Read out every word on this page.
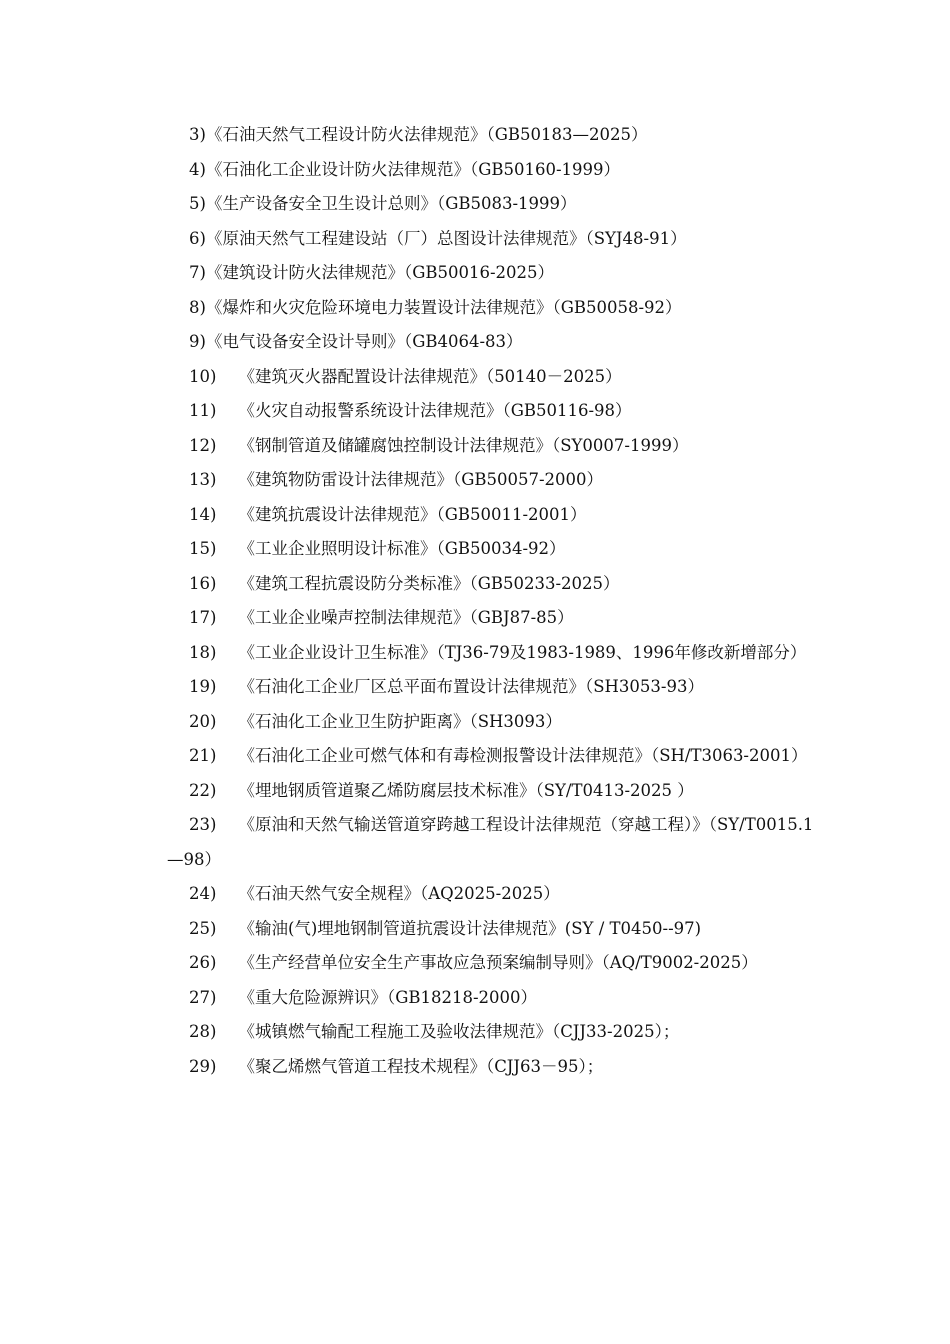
3)《石油天然气工程设计防火法律规范》（GB50183—2025）
4)《石油化工企业设计防火法律规范》（GB50160-1999）
5)《生产设备安全卫生设计总则》（GB5083-1999）
6)《原油天然气工程建设站（厂）总图设计法律规范》（SYJ48-91）
7)《建筑设计防火法律规范》（GB50016-2025）
8)《爆炸和火灾危险环境电力装置设计法律规范》（GB50058-92）
9)《电气设备安全设计导则》（GB4064-83）
10) 《建筑灭火器配置设计法律规范》（50140－2025）
11) 《火灾自动报警系统设计法律规范》（GB50116-98）
12) 《钢制管道及储罐腐蚀控制设计法律规范》（SY0007-1999）
13) 《建筑物防雷设计法律规范》（GB50057-2000）
14) 《建筑抗震设计法律规范》（GB50011-2001）
15) 《工业企业照明设计标准》（GB50034-92）
16) 《建筑工程抗震设防分类标准》（GB50233-2025）
17) 《工业企业噪声控制法律规范》（GBJ87-85）
18) 《工业企业设计卫生标准》（TJ36-79及1983-1989、1996年修改新增部分）
19) 《石油化工企业厂区总平面布置设计法律规范》（SH3053-93）
20) 《石油化工企业卫生防护距离》（SH3093）
21) 《石油化工企业可燃气体和有毒检测报警设计法律规范》（SH/T3063-2001）
22) 《埋地钢质管道聚乙烯防腐层技术标准》（SY/T0413-2025 ）
23) 《原油和天然气输送管道穿跨越工程设计法律规范（穿越工程）》（SY/T0015.1—98）
24) 《石油天然气安全规程》（AQ2025-2025）
25) 《输油(气)埋地钢制管道抗震设计法律规范》(SY / T0450--97)
26) 《生产经营单位安全生产事故应急预案编制导则》（AQ/T9002-2025）
27) 《重大危险源辨识》（GB18218-2000）
28) 《城镇燃气输配工程施工及验收法律规范》（CJJ33-2025）；
29) 《聚乙烯燃气管道工程技术规程》（CJJ63－95）；
